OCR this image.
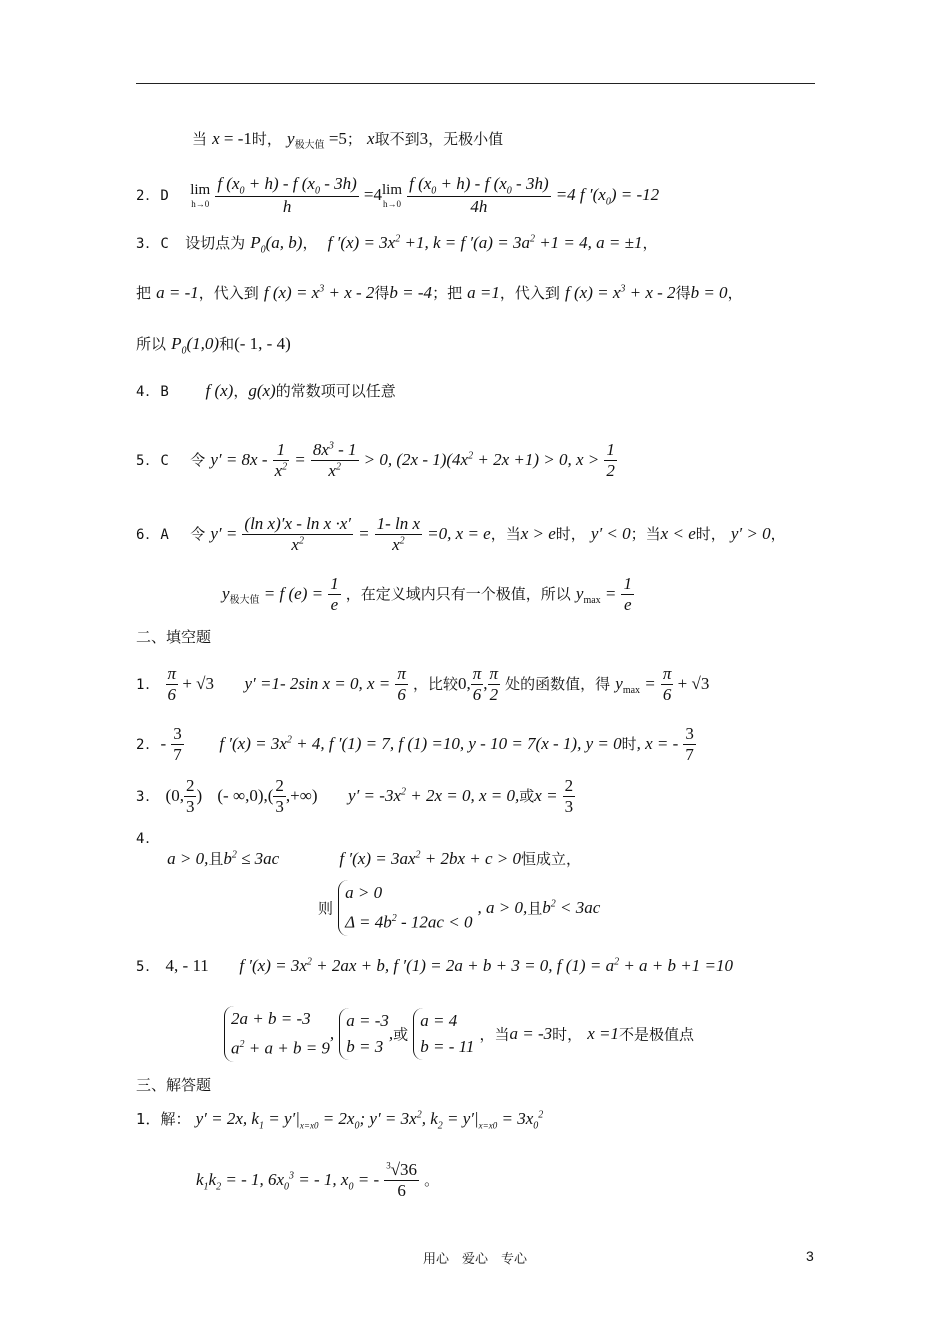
当 x = -1时， $y_{极大值} =5$； x取不到3，无极小值
2．D lim
h→0
$\frac{f (x_0 + h) - f (x_0 - 3h)}{h} =4\lim$
h→0
$\frac{f (x_0 + h) - f (x_0 - 3h)}{4h} =4$ f $'(x_0) = -12$
3．C 设切点为 $P_0(a$, b)， f $'(x) = 3x^2 +1$, k = f $'(a) = 3a^2 +1 = 4$, a = ±1，
把 a = -1，代入到 f $(x) = x^3 + x - 2$得b = -4；把 a =1，代入到 f $(x) = x^3 + x - 2$得b = 0，
所以 $P_0(1,0)$和(- 1, - 4)
4．B f (x)，g(x)的常数项可以任意
5．C 令 $y' = 8x - \frac{1}{x^2} = \frac{8x^3 - 1}{x^2} > 0$, $(2x - 1)(4x^2 + 2x +1) > 0$, $x > \frac{1}{2}$
6．A 令 $y' = \frac{\text{(ln x)′x - ln x ·x′}}{x^2} = \frac{\text{1- ln x}}{x^2} =0$, x = e，当x > e时， y′ < 0；当x < e时， y′ > 0，
$y_{极大值} = f$ $(e) = \frac{1}{e}$ ，在定义域内只有一个极值，所以 $y_{max} = \frac{1}{e}$
二、填空题
1． $\frac{\pi}{6} + √3$ y′ =1- 2sin x = 0, $x = \frac{\pi}{6}$ ，比较0, $\frac{\pi}{6}$ , $\frac{\pi}{2}$ 处的函数值，得 $y_{max} = \frac{\pi}{6} + √3$
2．- $\frac{3}{7}$ f $'(x) = 3x^2 + 4$, f ′(1) = 7, f (1) =10, y - 10 = 7(x - 1), y = 0时, x = - $\frac{3}{7}$
3． (0, $\frac{2}{3}$ ) (- $\infty,0),( \frac{2}{3}$ ,+∞) $y' = -3x^2 + 2x = 0$, x = 0,或$x = \frac{2}{3}$
4．
a > 0,且$b^2 \le 3ac$	f $'(x) = 3ax^2 + 2bx + c > 0$恒成立，
则
a > 0
$\Delta = 4b^2 - 12ac < 0$
, a > 0,且$b^2 < 3ac$
5． 4, - 11 f $'(x) = 3x^2 + 2ax + b$, f ′(1) = 2a + b + 3 = 0, f $(1) = a^2 + a + b +1 =10$
2a + b = -3
$a^2 + a + b = 9$
,
a = -3
b = 3
,或
a = 4
b = - 11
，当a = -3时， x =1不是极值点
三、解答题
1．解： y′ = 2x, $k_1 = y'|_{x=x0} = 2x_0$; $y' = 3x^2$, $k_2 = y'|_{x=x0} = 3x_0^2$
$k_1k_2$ = - 1, $6x_0^3$ = - 1, $x_0$ = - $\frac{^3√36}{6}$ 。
用心　爱心　专心	3
